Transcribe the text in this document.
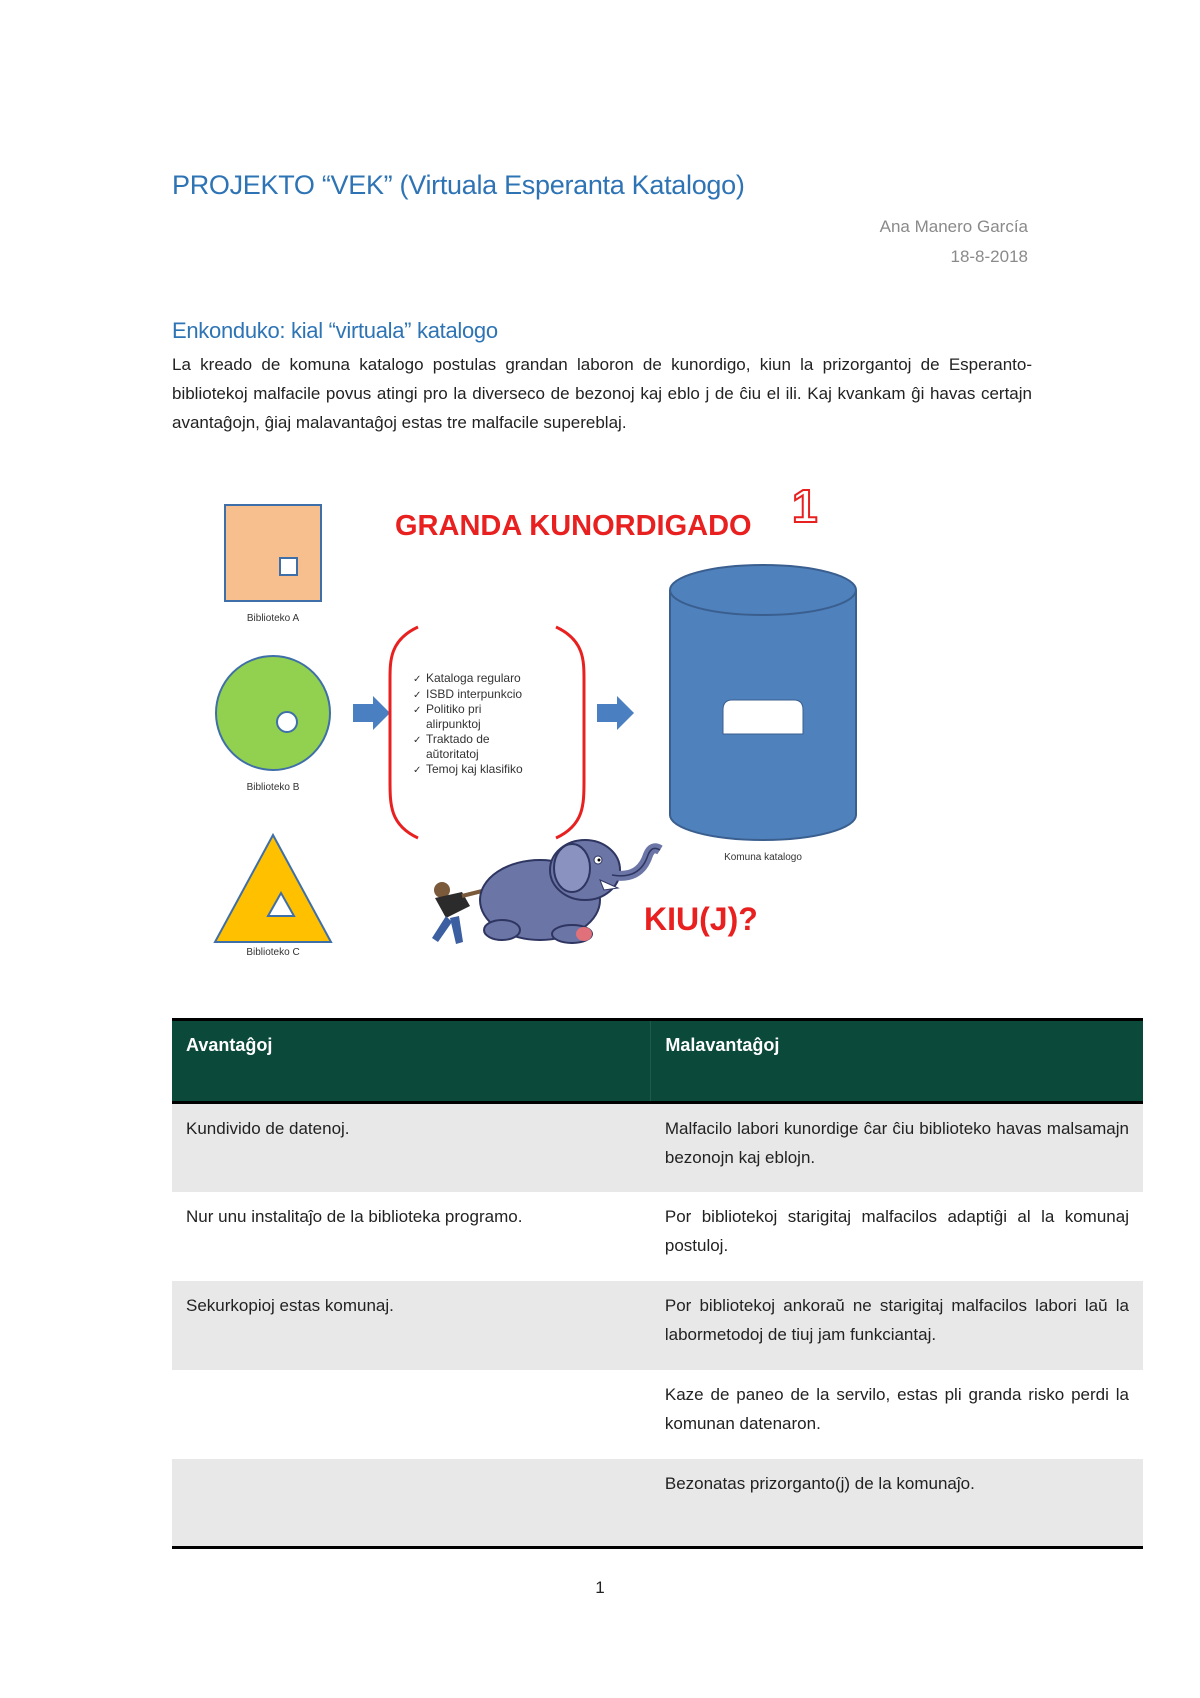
PROJEKTO “VEK” (Virtuala Esperanta Katalogo)
Ana Manero García
18-8-2018
Enkonduko: kial “virtuala” katalogo
La kreado de komuna katalogo postulas grandan laboron de kunordigo, kiun la prizorgantoj de Esperanto-bibliotekoj malfacile povus atingi pro la diverseco de bezonoj kaj eblo j de ĉiu el ili. Kaj kvankam ĝi havas certajn avantaĝojn, ĝiaj malavantaĝoj estas tre malfacile supereblaj.
GRANDA KUNORDIGADO 1
Biblioteko A
Biblioteko B
Biblioteko C
✓ Kataloga regularo
✓ ISBD interpunkcio
✓ Politiko pri
alirpunktoj
✓ Traktado de
aŭtoritatoj
✓ Temoj kaj klasifiko
Komuna katalogo
KIU(J)?
Avantaĝoj	Malavantaĝoj
Kundivido de datenoj.	Malfacilo labori kunordige ĉar ĉiu biblioteko havas malsamajn bezonojn kaj eblojn.
Nur unu instalitaĵo de la biblioteka programo.	Por bibliotekoj starigitaj malfacilos adaptiĝi al la komunaj postuloj.
Sekurkopioj estas komunaj.	Por bibliotekoj ankoraŭ ne starigitaj malfacilos labori laŭ la labormetodoj de tiuj jam funkciantaj.
	Kaze de paneo de la servilo, estas pli granda risko perdi la komunan datenaron.
	Bezonatas prizorganto(j) de la komunaĵo.
1
